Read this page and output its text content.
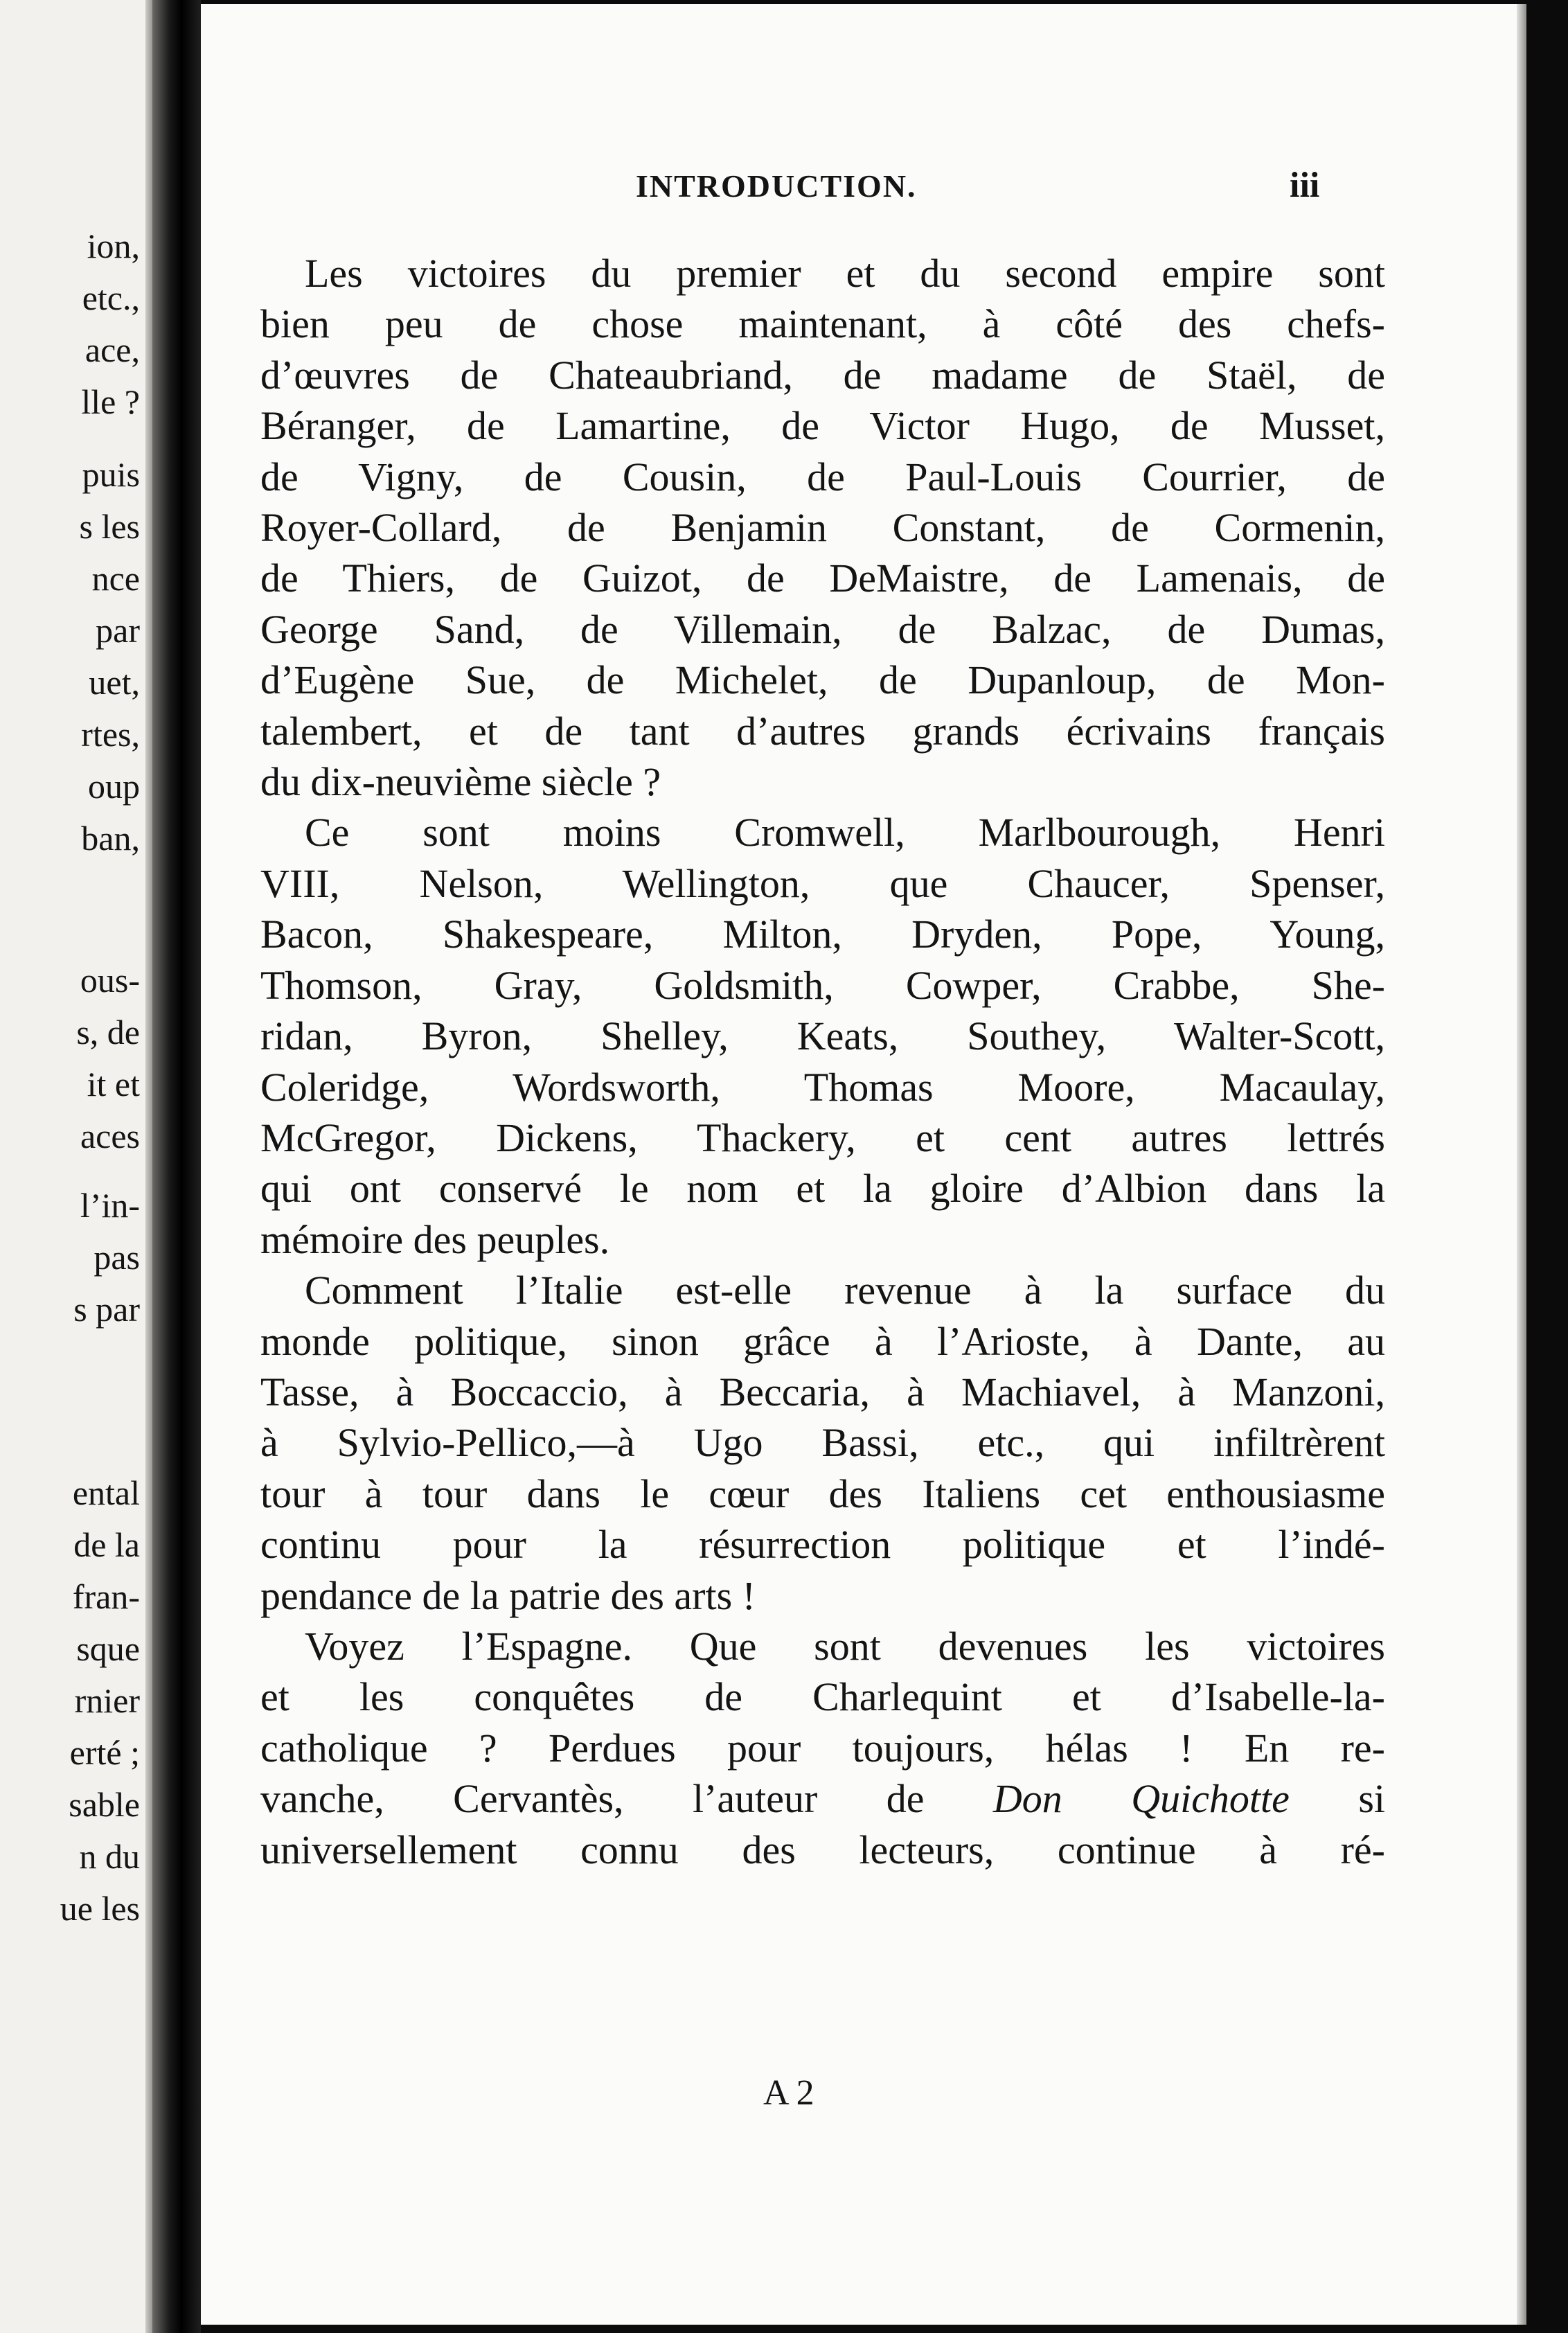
ion,
etc.,
ace,
lle ?
puis
s les
nce
par
uet,
rtes,
oup
ban,
ous-
s, de
it et
aces
l’in-
pas
s par
ental
de la
fran-
sque
rnier
erté ;
sable
n du
ue les
INTRODUCTION.	iii
Les victoires du premier et du second empire sont
bien peu de chose maintenant, à côté des chefs-
d’œuvres de Chateaubriand, de madame de Staël, de
Béranger, de Lamartine, de Victor Hugo, de Musset,
de Vigny, de Cousin, de Paul-Louis Courrier, de
Royer-Collard, de Benjamin Constant, de Cormenin,
de Thiers, de Guizot, de DeMaistre, de Lamenais, de
George Sand, de Villemain, de Balzac, de Dumas,
d’Eugène Sue, de Michelet, de Dupanloup, de Mon-
talembert, et de tant d’autres grands écrivains français
du dix-neuvième siècle ?
Ce sont moins Cromwell, Marlbourough, Henri
VIII, Nelson, Wellington, que Chaucer, Spenser,
Bacon, Shakespeare, Milton, Dryden, Pope, Young,
Thomson, Gray, Goldsmith, Cowper, Crabbe, She-
ridan, Byron, Shelley, Keats, Southey, Walter-Scott,
Coleridge, Wordsworth, Thomas Moore, Macaulay,
McGregor, Dickens, Thackery, et cent autres lettrés
qui ont conservé le nom et la gloire d’Albion dans la
mémoire des peuples.
Comment l’Italie est-elle revenue à la surface du
monde politique, sinon grâce à l’Arioste, à Dante, au
Tasse, à Boccaccio, à Beccaria, à Machiavel, à Manzoni,
à Sylvio-Pellico,—à Ugo Bassi, etc., qui infiltrèrent
tour à tour dans le cœur des Italiens cet enthousiasme
continu pour la résurrection politique et l’indé-
pendance de la patrie des arts !
Voyez l’Espagne. Que sont devenues les victoires
et les conquêtes de Charlequint et d’Isabelle-la-
catholique ? Perdues pour toujours, hélas ! En re-
vanche, Cervantès, l’auteur de Don Quichotte si
universellement connu des lecteurs, continue à ré-
A 2
